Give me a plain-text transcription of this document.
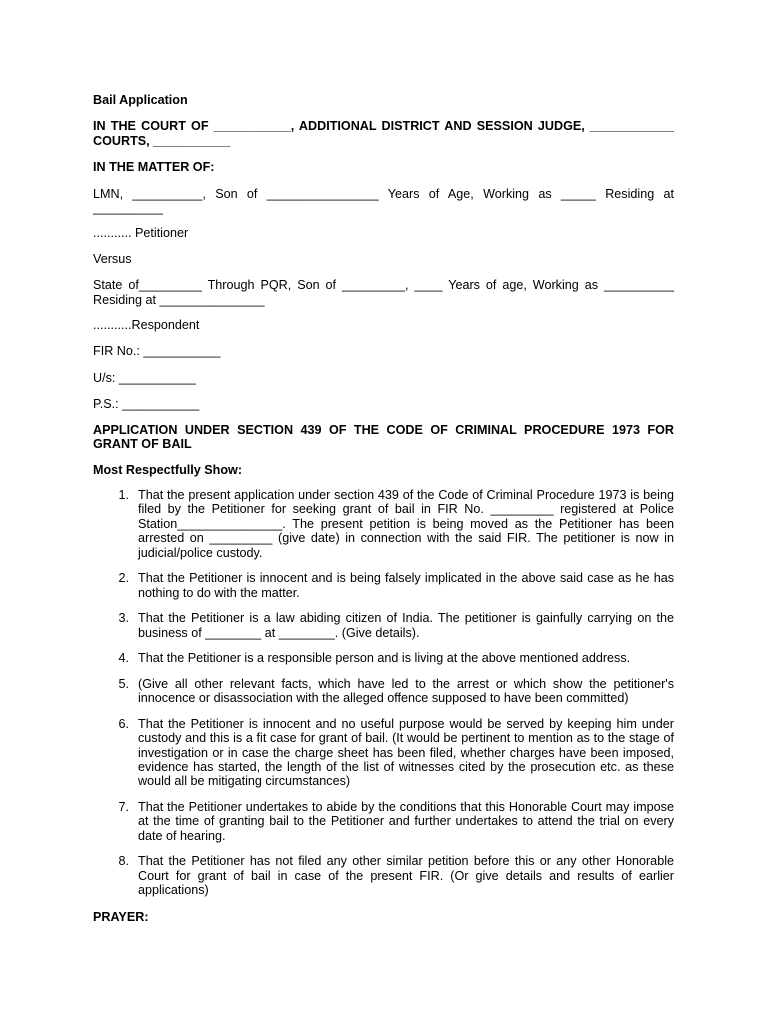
Bail Application

IN THE COURT OF ___________, ADDITIONAL DISTRICT AND SESSION JUDGE, ____________ COURTS, ___________

IN THE MATTER OF:

LMN, __________, Son of ________________ Years of Age, Working as _____ Residing at __________

........... Petitioner

Versus

State of_________ Through PQR, Son of _________, ____ Years of age, Working as __________ Residing at _______________

...........Respondent

FIR No.: ___________

U/s: ___________

P.S.: ___________

APPLICATION UNDER SECTION 439 OF THE CODE OF CRIMINAL PROCEDURE 1973 FOR GRANT OF BAIL

Most Respectfully Show:

1. That the present application under section 439 of the Code of Criminal Procedure 1973 is being filed by the Petitioner for seeking grant of bail in FIR No. _________ registered at Police Station_______________. The present petition is being moved as the Petitioner has been arrested on _________ (give date) in connection with the said FIR. The petitioner is now in judicial/police custody.
2. That the Petitioner is innocent and is being falsely implicated in the above said case as he has nothing to do with the matter.
3. That the Petitioner is a law abiding citizen of India. The petitioner is gainfully carrying on the business of ________ at ________. (Give details).
4. That the Petitioner is a responsible person and is living at the above mentioned address.
5. (Give all other relevant facts, which have led to the arrest or which show the petitioner's innocence or disassociation with the alleged offence supposed to have been committed)
6. That the Petitioner is innocent and no useful purpose would be served by keeping him under custody and this is a fit case for grant of bail. (It would be pertinent to mention as to the stage of investigation or in case the charge sheet has been filed, whether charges have been imposed, evidence has started, the length of the list of witnesses cited by the prosecution etc. as these would all be mitigating circumstances)
7. That the Petitioner undertakes to abide by the conditions that this Honorable Court may impose at the time of granting bail to the Petitioner and further undertakes to attend the trial on every date of hearing.
8. That the Petitioner has not filed any other similar petition before this or any other Honorable Court for grant of bail in case of the present FIR. (Or give details and results of earlier applications)

PRAYER:
